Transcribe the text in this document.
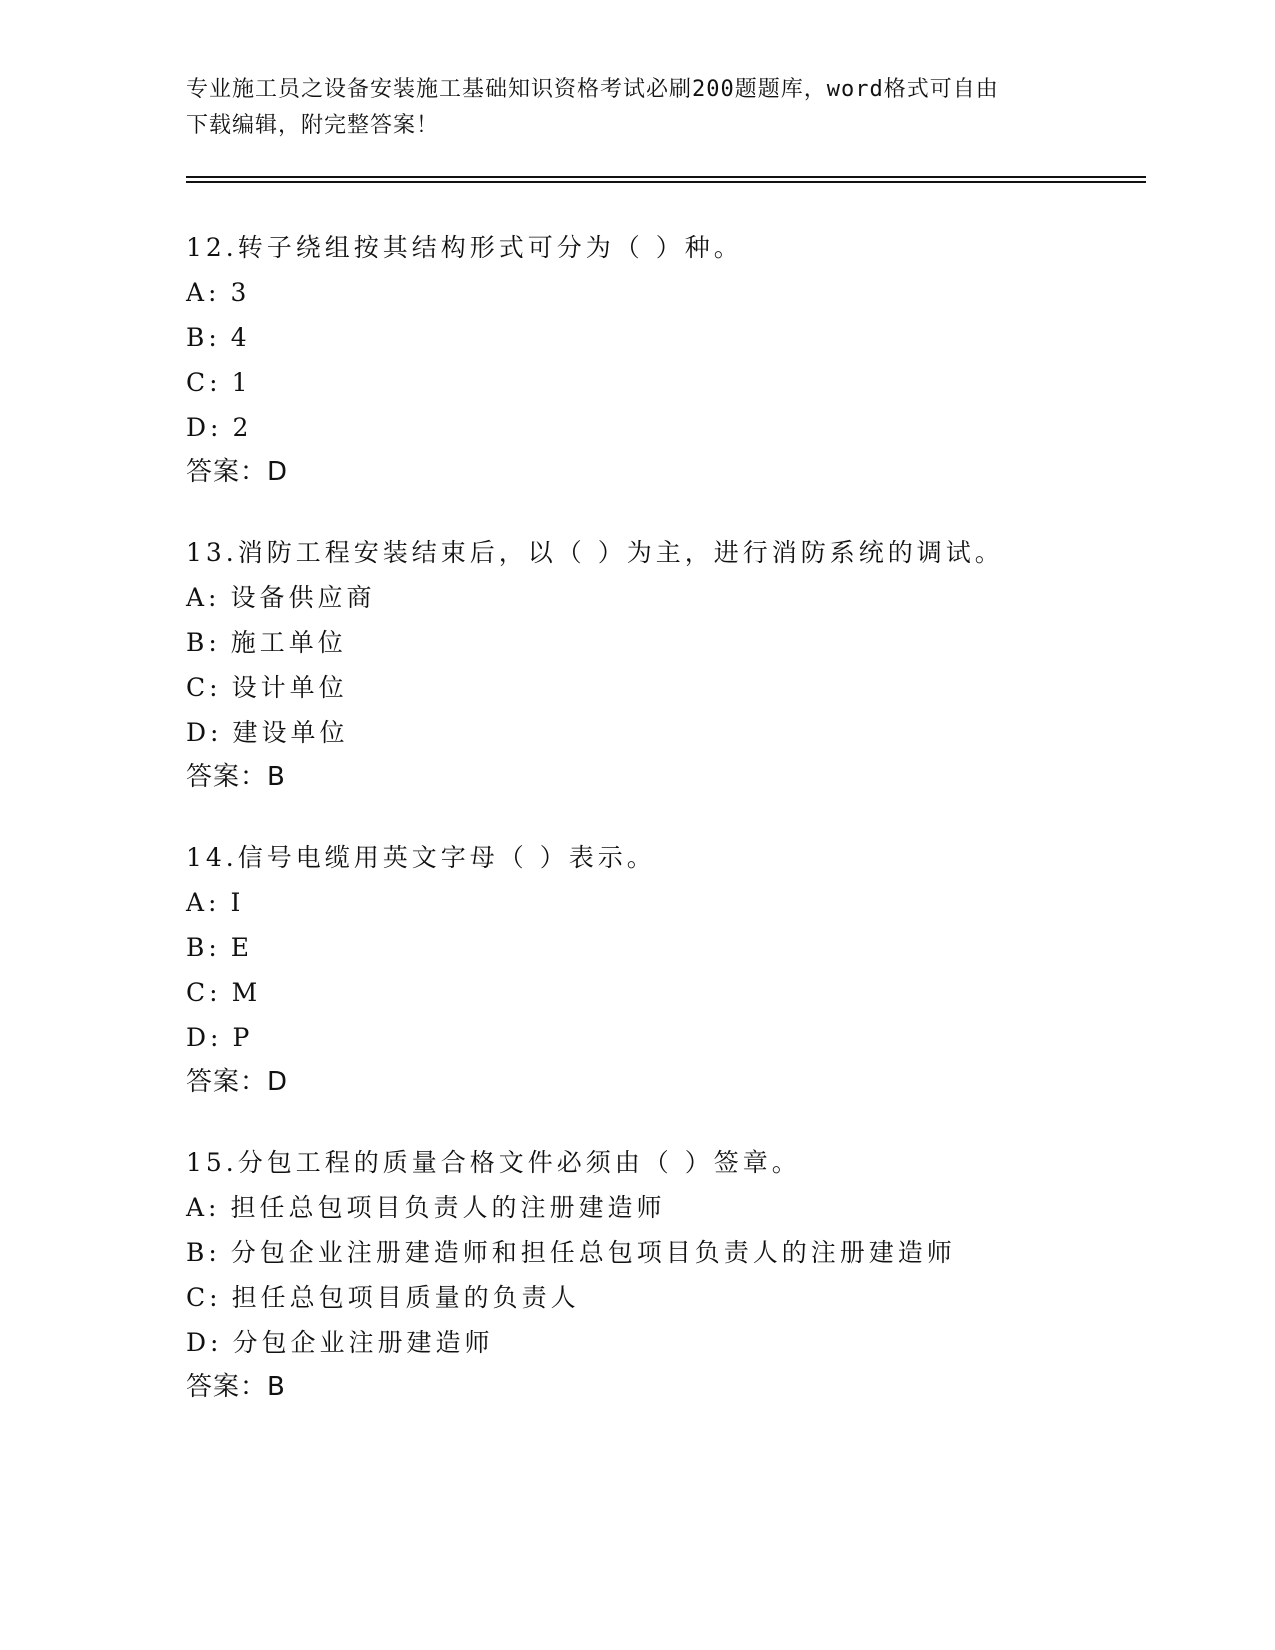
专业施工员之设备安装施工基础知识资格考试必刷200题题库，word格式可自由
下载编辑，附完整答案！
12.转子绕组按其结构形式可分为（ ）种。
A: 3
B: 4
C: 1
D: 2
答案：D
13.消防工程安装结束后，以（ ）为主，进行消防系统的调试。
A: 设备供应商
B: 施工单位
C: 设计单位
D: 建设单位
答案：B
14.信号电缆用英文字母（ ）表示。
A: I
B: E
C: M
D: P
答案：D
15.分包工程的质量合格文件必须由（ ）签章。
A: 担任总包项目负责人的注册建造师
B: 分包企业注册建造师和担任总包项目负责人的注册建造师
C: 担任总包项目质量的负责人
D: 分包企业注册建造师
答案：B
